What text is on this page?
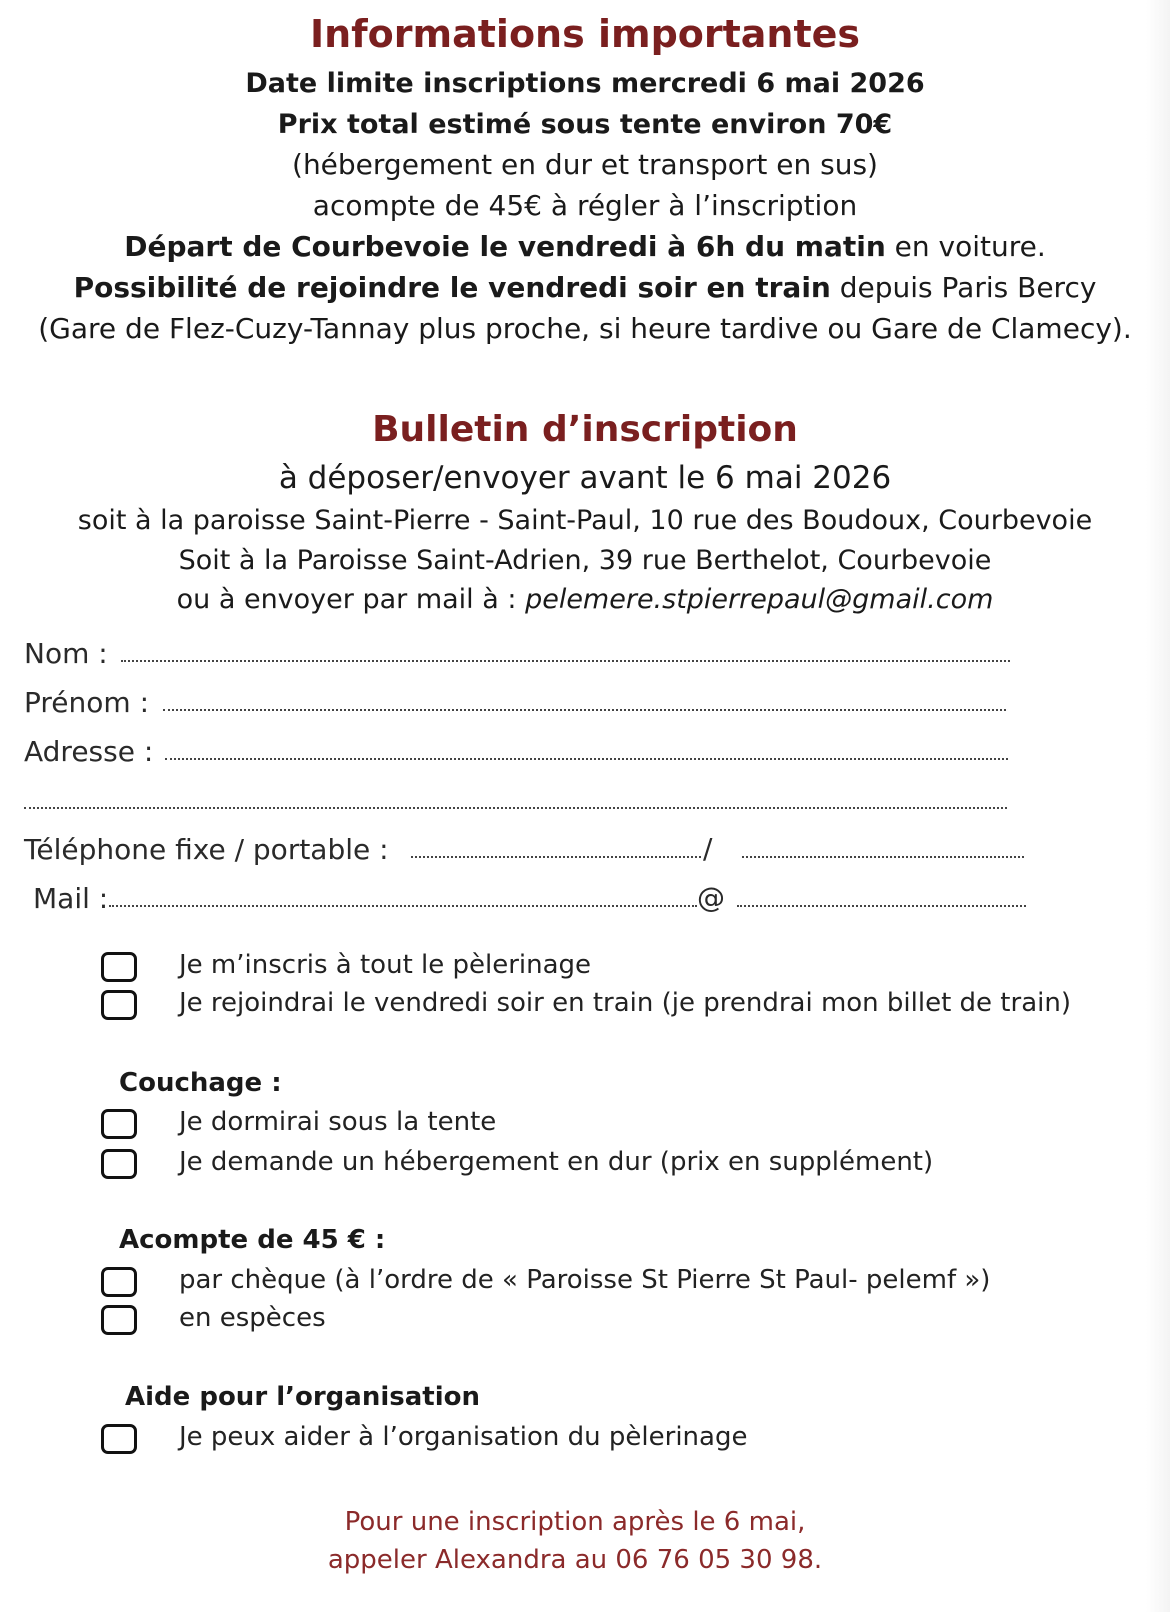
Informations importantes
Date limite inscriptions mercredi 6 mai 2026
Prix total estimé sous tente environ 70€
(hébergement en dur et transport en sus)
acompte de 45€ à régler à l’inscription
Départ de Courbevoie le vendredi à 6h du matin en voiture.
Possibilité de rejoindre le vendredi soir en train depuis Paris Bercy
(Gare de Flez-Cuzy-Tannay plus proche, si heure tardive ou Gare de Clamecy).
Bulletin d’inscription
à déposer/envoyer avant le 6 mai 2026
soit à la paroisse Saint-Pierre - Saint-Paul, 10 rue des Boudoux, Courbevoie
Soit à la Paroisse Saint-Adrien, 39 rue Berthelot, Courbevoie
ou à envoyer par mail à : pelemere.stpierrepaul@gmail.com
Nom :
Prénom :
Adresse :
Téléphone fixe / portable :	/
Mail :	@
Je m’inscris à tout le pèlerinage
Je rejoindrai le vendredi soir en train (je prendrai mon billet de train)
Couchage :
Je dormirai sous la tente
Je demande un hébergement en dur (prix en supplément)
Acompte de 45 € :
par chèque (à l’ordre de « Paroisse St Pierre St Paul- pelemf »)
en espèces
Aide pour l’organisation
Je peux aider à l’organisation du pèlerinage
Pour une inscription après le 6 mai,
appeler Alexandra au 06 76 05 30 98.
